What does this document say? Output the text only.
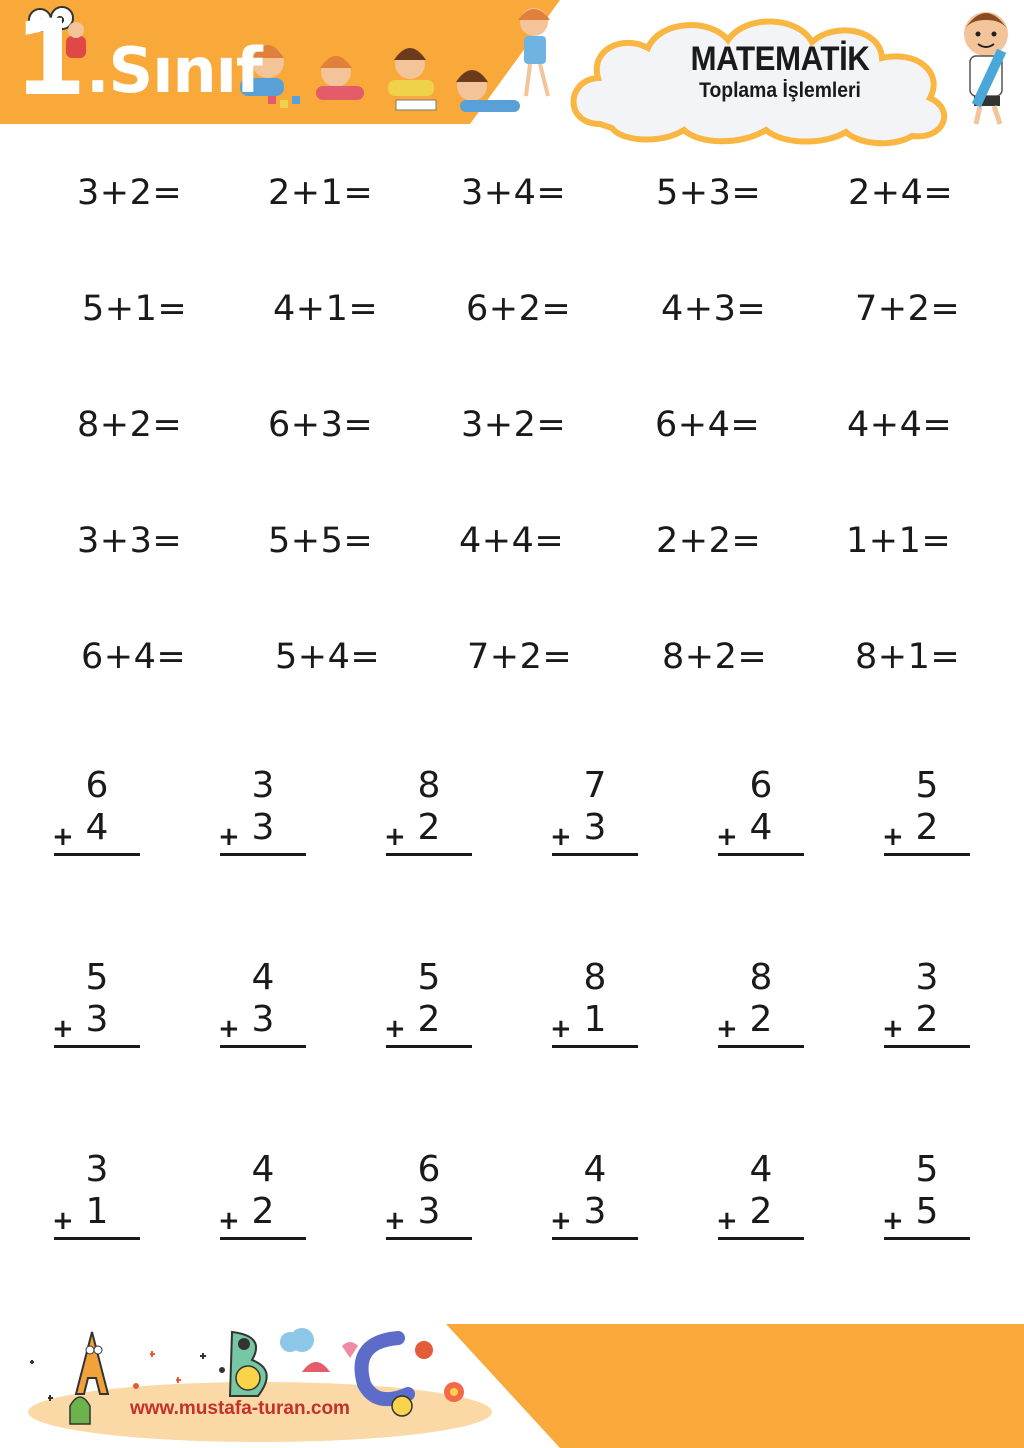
1 .Sınıf	MATEMATİK
Toplama İşlemleri
3+2= 2+1=	3+4=	5+3= 2+4=
5+1= 4+1=	6+2=	4+3=	7+2=
8+2= 6+3=	3+2=	6+4= 4+4=
3+3= 5+5= 4+4=	2+2= 1+1=
6+4=	5+4= 7+2=	8+2=	8+1=
6
+ 4
3
+ 3
8
+ 2
7
+ 3
6
+ 4
5
+ 2
5
+ 3
4
+ 3
5
+ 2
8
+ 1
8
+ 2
3
+ 2
3
+ 1
4
+ 2
6
+ 3
4
+ 3
4
+ 2
5
+ 5
www.mustafa-turan.com
